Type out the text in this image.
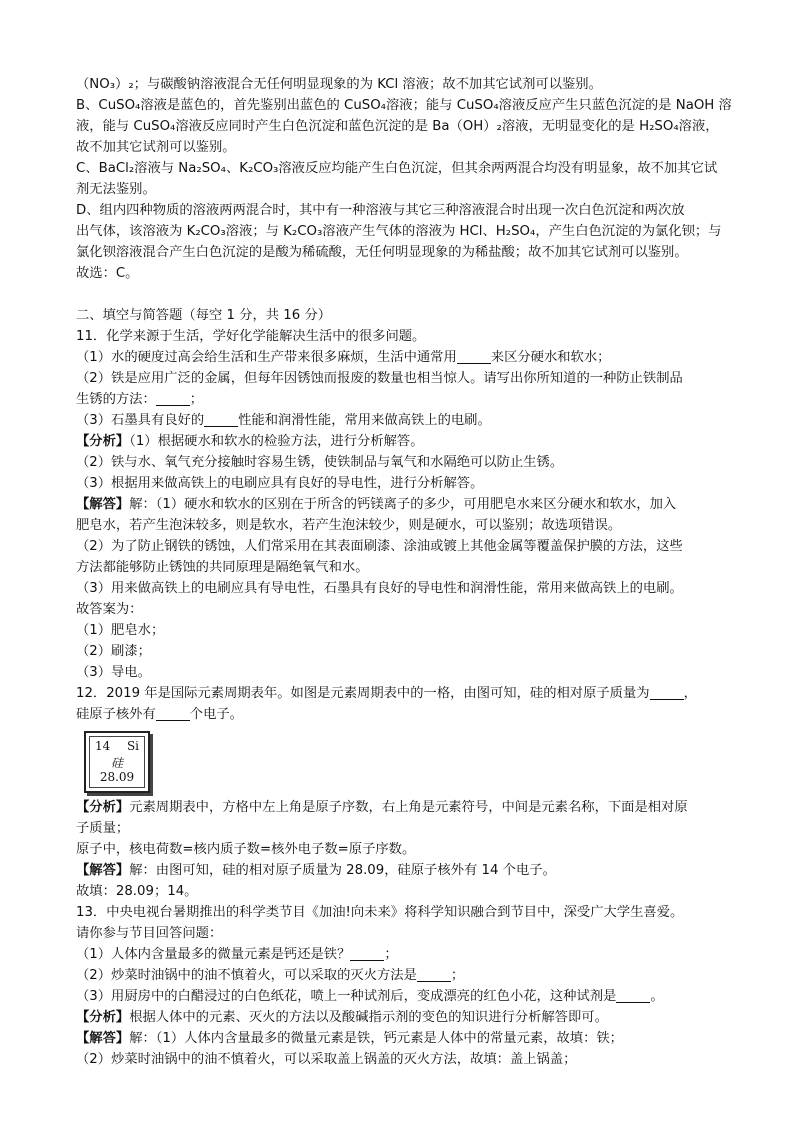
（NO₃）₂；与碳酸钠溶液混合无任何明显现象的为 KCl 溶液；故不加其它试剂可以鉴别。

B、CuSO₄溶液是蓝色的，首先鉴别出蓝色的 CuSO₄溶液；能与 CuSO₄溶液反应产生只蓝色沉淀的是 NaOH 溶

液，能与 CuSO₄溶液反应同时产生白色沉淀和蓝色沉淀的是 Ba（OH）₂溶液，无明显变化的是 H₂SO₄溶液，

故不加其它试剂可以鉴别。

C、BaCl₂溶液与 Na₂SO₄、K₂CO₃溶液反应均能产生白色沉淀，但其余两两混合均没有明显象，故不加其它试

剂无法鉴别。

D、组内四种物质的溶液两两混合时，其中有一种溶液与其它三种溶液混合时出现一次白色沉淀和两次放

出气体，该溶液为 K₂CO₃溶液；与 K₂CO₃溶液产生气体的溶液为 HCl、H₂SO₄，产生白色沉淀的为氯化钡；与

氯化钡溶液混合产生白色沉淀的是酸为稀硫酸，无任何明显现象的为稀盐酸；故不加其它试剂可以鉴别。

故选：C。

二、填空与简答题（每空 1 分，共 16 分）

11．化学来源于生活，学好化学能解决生活中的很多问题。

（1）水的硬度过高会给生活和生产带来很多麻烦，生活中通常用	来区分硬水和软水；

（2）铁是应用广泛的金属，但每年因锈蚀而报废的数量也相当惊人。请写出你所知道的一种防止铁制品

生锈的方法：	；

（3）石墨具有良好的	性能和润滑性能，常用来做高铁上的电刷。

【分析】（1）根据硬水和软水的检验方法，进行分析解答。

（2）铁与水、氧气充分接触时容易生锈，使铁制品与氧气和水隔绝可以防止生锈。

（3）根据用来做高铁上的电刷应具有良好的导电性，进行分析解答。

【解答】解：（1）硬水和软水的区别在于所含的钙镁离子的多少，可用肥皂水来区分硬水和软水，加入

肥皂水，若产生泡沫较多，则是软水，若产生泡沫较少，则是硬水，可以鉴别；故选项错误。

（2）为了防止钢铁的锈蚀，人们常采用在其表面刷漆、涂油或镀上其他金属等覆盖保护膜的方法，这些

方法都能够防止锈蚀的共同原理是隔绝氧气和水。

（3）用来做高铁上的电刷应具有导电性，石墨具有良好的导电性和润滑性能，常用来做高铁上的电刷。

故答案为：

（1）肥皂水；

（2）刷漆；

（3）导电。

12．2019 年是国际元素周期表年。如图是元素周期表中的一格，由图可知，硅的相对原子质量为	，

硅原子核外有	个电子。

14 Si
硅
28.09

【分析】元素周期表中，方格中左上角是原子序数，右上角是元素符号，中间是元素名称，下面是相对原

子质量；

原子中，核电荷数=核内质子数=核外电子数=原子序数。

【解答】解：由图可知，硅的相对原子质量为 28.09，硅原子核外有 14 个电子。

故填：28.09；14。

13．中央电视台暑期推出的科学类节目《加油!向未来》将科学知识融合到节目中，深受广大学生喜爱。

请你参与节目回答问题：

（1）人体内含量最多的微量元素是钙还是铁？	；

（2）炒菜时油锅中的油不慎着火，可以采取的灭火方法是	；

（3）用厨房中的白醋浸过的白色纸花，喷上一种试剂后，变成漂亮的红色小花，这种试剂是	。

【分析】根据人体中的元素、灭火的方法以及酸碱指示剂的变色的知识进行分析解答即可。

【解答】解：（1）人体内含量最多的微量元素是铁，钙元素是人体中的常量元素，故填：铁；

（2）炒菜时油锅中的油不慎着火，可以采取盖上锅盖的灭火方法，故填：盖上锅盖；
